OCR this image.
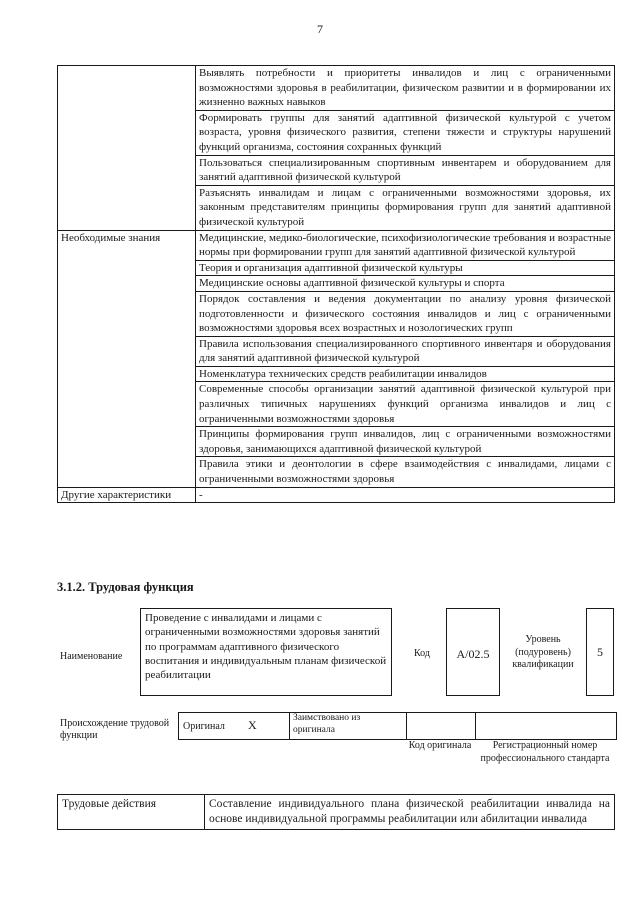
7
	Выявлять потребности и приоритеты инвалидов и лиц с ограниченными возможностями здоровья в реабилитации, физическом развитии и в формировании их жизненно важных навыков
	Формировать группы для занятий адаптивной физической культурой с учетом возраста, уровня физического развития, степени тяжести и структуры нарушений функций организма, состояния сохранных функций
	Пользоваться специализированным спортивным инвентарем и оборудованием для занятий адаптивной физической культурой
	Разъяснять инвалидам и лицам с ограниченными возможностями здоровья, их законным представителям принципы формирования групп для занятий адаптивной физической культурой
Необходимые знания	Медицинские, медико-биологические, психофизиологические требования и возрастные нормы при формировании групп для занятий адаптивной физической культурой
	Теория и организация адаптивной физической культуры
	Медицинские основы адаптивной физической культуры и спорта
	Порядок составления и ведения документации по анализу уровня физической подготовленности и физического состояния инвалидов и лиц с ограниченными возможностями здоровья всех возрастных и нозологических групп
	Правила использования специализированного спортивного инвентаря и оборудования для занятий адаптивной физической культурой
	Номенклатура технических средств реабилитации инвалидов
	Современные способы организации занятий адаптивной физической культурой при различных типичных нарушениях функций организма инвалидов и лиц с ограниченными возможностями здоровья
	Принципы формирования групп инвалидов, лиц с ограниченными возможностями здоровья, занимающихся адаптивной физической культурой
	Правила этики и деонтологии в сфере взаимодействия с инвалидами, лицами с ограниченными возможностями здоровья
Другие характеристики	-
3.1.2. Трудовая функция
Наименование
Проведение с инвалидами и лицами с ограниченными возможностями здоровья занятий по программам адаптивного физического воспитания и индивидуальным планам физической реабилитации
Код	A/02.5
Уровень (подуровень) квалификации
5
Происхождение трудовой функции
Оригинал X	Заимствовано из оригинала
Код оригинала	Регистрационный номер профессионального стандарта
Трудовые действия	Составление индивидуального плана физической реабилитации инвалида на основе индивидуальной программы реабилитации или абилитации инвалида
